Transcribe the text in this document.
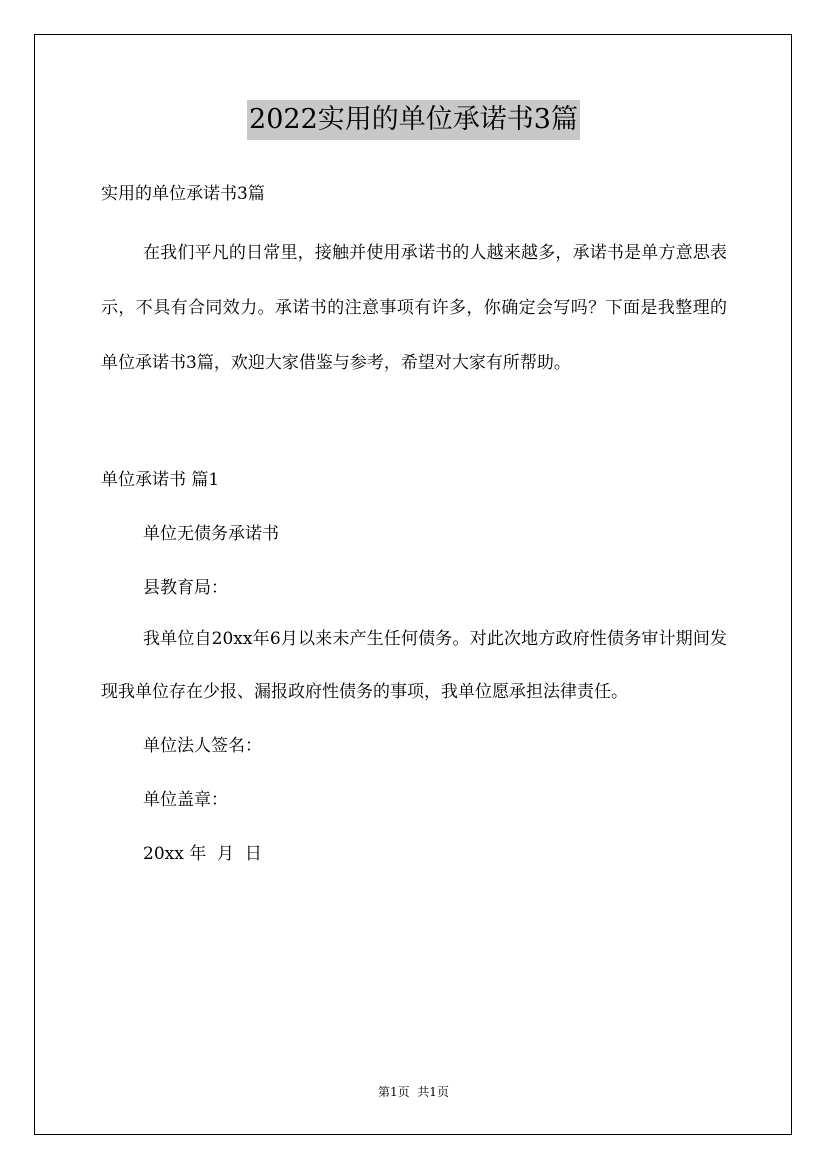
2022实用的单位承诺书3篇
实用的单位承诺书3篇
在我们平凡的日常里，接触并使用承诺书的人越来越多，承诺书是单方意思表示，不具有合同效力。承诺书的注意事项有许多，你确定会写吗？下面是我整理的单位承诺书3篇，欢迎大家借鉴与参考，希望对大家有所帮助。
单位承诺书 篇1
单位无债务承诺书
县教育局：
我单位自20xx年6月以来未产生任何债务。对此次地方政府性债务审计期间发现我单位存在少报、漏报政府性债务的事项，我单位愿承担法律责任。
单位法人签名：
单位盖章：
20xx 年  月  日
第1页  共1页
